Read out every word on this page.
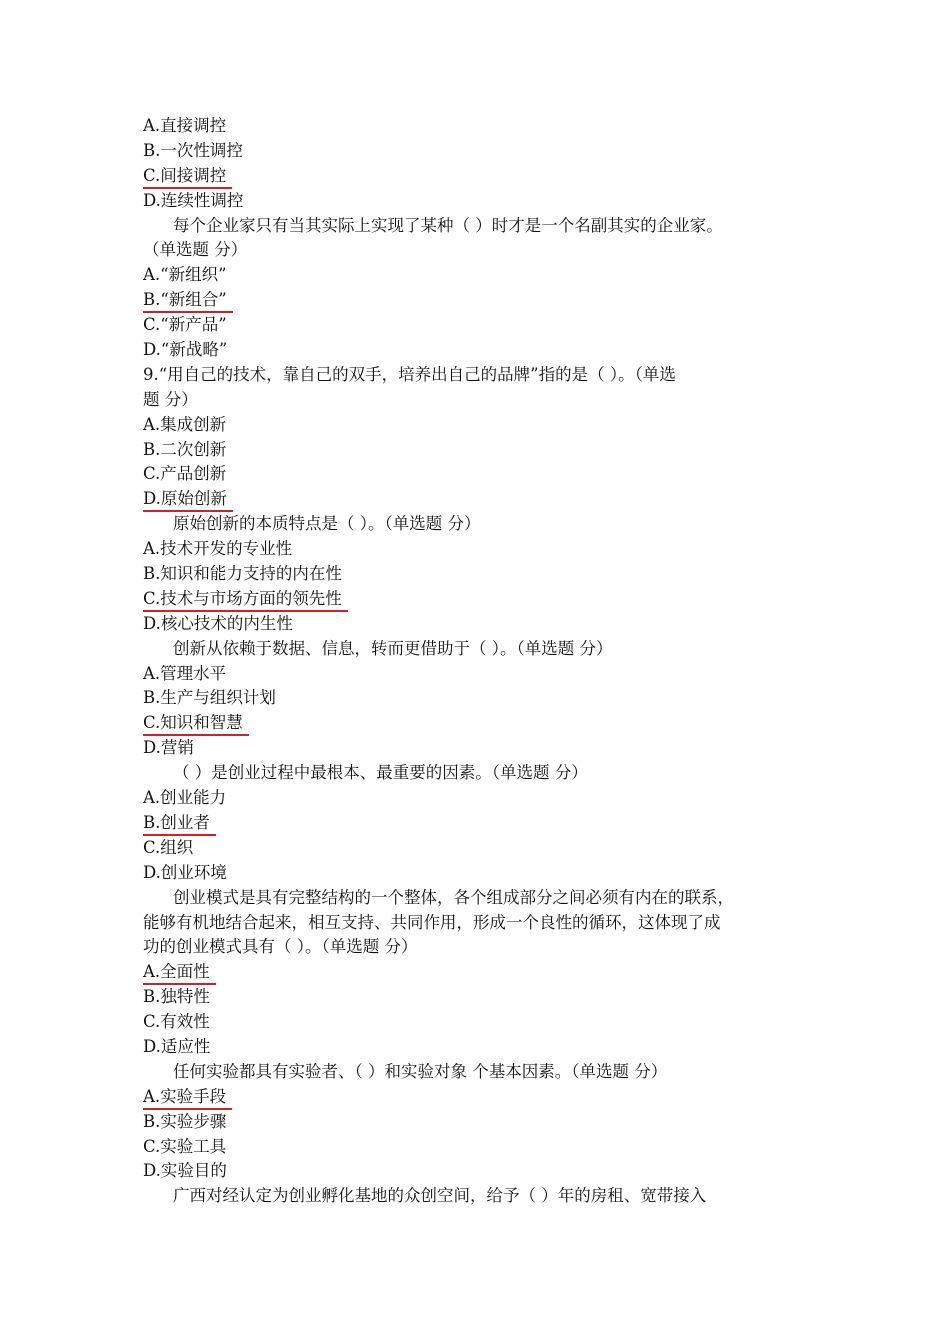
A.直接调控
B.一次性调控
C.间接调控
D.连续性调控
每个企业家只有当其实际上实现了某种（ ）时才是一个名副其实的企业家。
（单选题 分）
A.“新组织”
B.“新组合”
C.“新产品”
D.“新战略”
9.“用自己的技术，靠自己的双手，培养出自己的品牌”指的是（ ）。（单选
题 分）
A.集成创新
B.二次创新
C.产品创新
D.原始创新
原始创新的本质特点是（ ）。（单选题 分）
A.技术开发的专业性
B.知识和能力支持的内在性
C.技术与市场方面的领先性
D.核心技术的内生性
创新从依赖于数据、信息，转而更借助于（ ）。（单选题 分）
A.管理水平
B.生产与组织计划
C.知识和智慧
D.营销
（ ）是创业过程中最根本、最重要的因素。（单选题 分）
A.创业能力
B.创业者
C.组织
D.创业环境
创业模式是具有完整结构的一个整体，各个组成部分之间必须有内在的联系，
能够有机地结合起来，相互支持、共同作用，形成一个良性的循环，这体现了成
功的创业模式具有（ ）。（单选题 分）
A.全面性
B.独特性
C.有效性
D.适应性
任何实验都具有实验者、（ ）和实验对象 个基本因素。（单选题 分）
A.实验手段
B.实验步骤
C.实验工具
D.实验目的
广西对经认定为创业孵化基地的众创空间，给予（ ）年的房租、宽带接入
